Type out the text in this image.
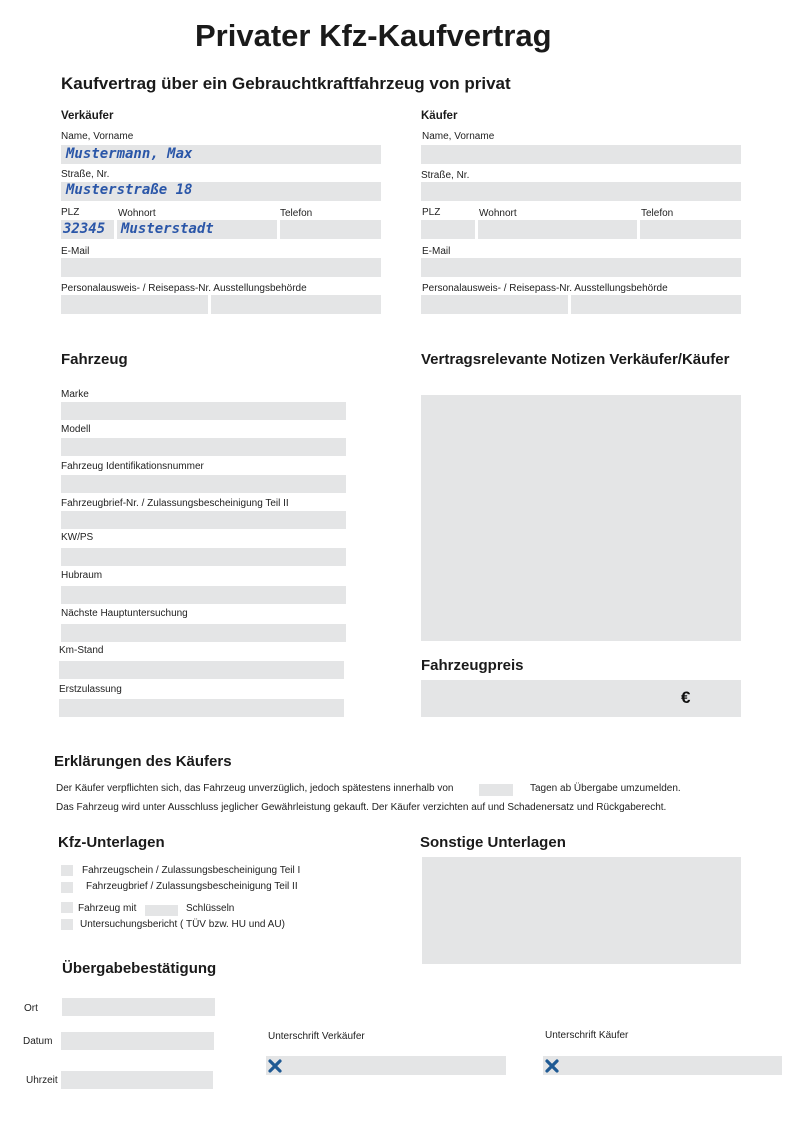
Privater Kfz-Kaufvertrag
Kaufvertrag über ein Gebrauchtkraftfahrzeug von privat
Verkäufer
Name, Vorname
Mustermann, Max
Straße, Nr.
Musterstraße 18
PLZ	Wohnort	Telefon
32345 Musterstadt
E-Mail
Personalausweis- / Reisepass-Nr. Ausstellungsbehörde
Käufer
Name, Vorname
Straße, Nr.
PLZ	Wohnort	Telefon
E-Mail
Personalausweis- / Reisepass-Nr. Ausstellungsbehörde
Fahrzeug
Marke
Modell
Fahrzeug Identifikationsnummer
Fahrzeugbrief-Nr. / Zulassungsbescheinigung Teil II
KW/PS
Hubraum
Nächste Hauptuntersuchung
Km-Stand
Erstzulassung
Vertragsrelevante Notizen Verkäufer/Käufer
Fahrzeugpreis
€
Erklärungen des Käufers
Der Käufer verpflichten sich, das Fahrzeug unverzüglich, jedoch spätestens innerhalb von	Tagen ab Übergabe umzumelden.
Das Fahrzeug wird unter Ausschluss jeglicher Gewährleistung gekauft. Der Käufer verzichten auf und Schadenersatz und Rückgaberecht.
Kfz-Unterlagen
Fahrzeugschein / Zulassungsbescheinigung Teil I
Fahrzeugbrief / Zulassungsbescheinigung Teil II
Fahrzeug mit	Schlüsseln
Untersuchungsbericht ( TÜV bzw. HU und AU)
Sonstige Unterlagen
Übergabebestätigung
Ort
Datum
Uhrzeit
Unterschrift Verkäufer	Unterschrift Käufer
